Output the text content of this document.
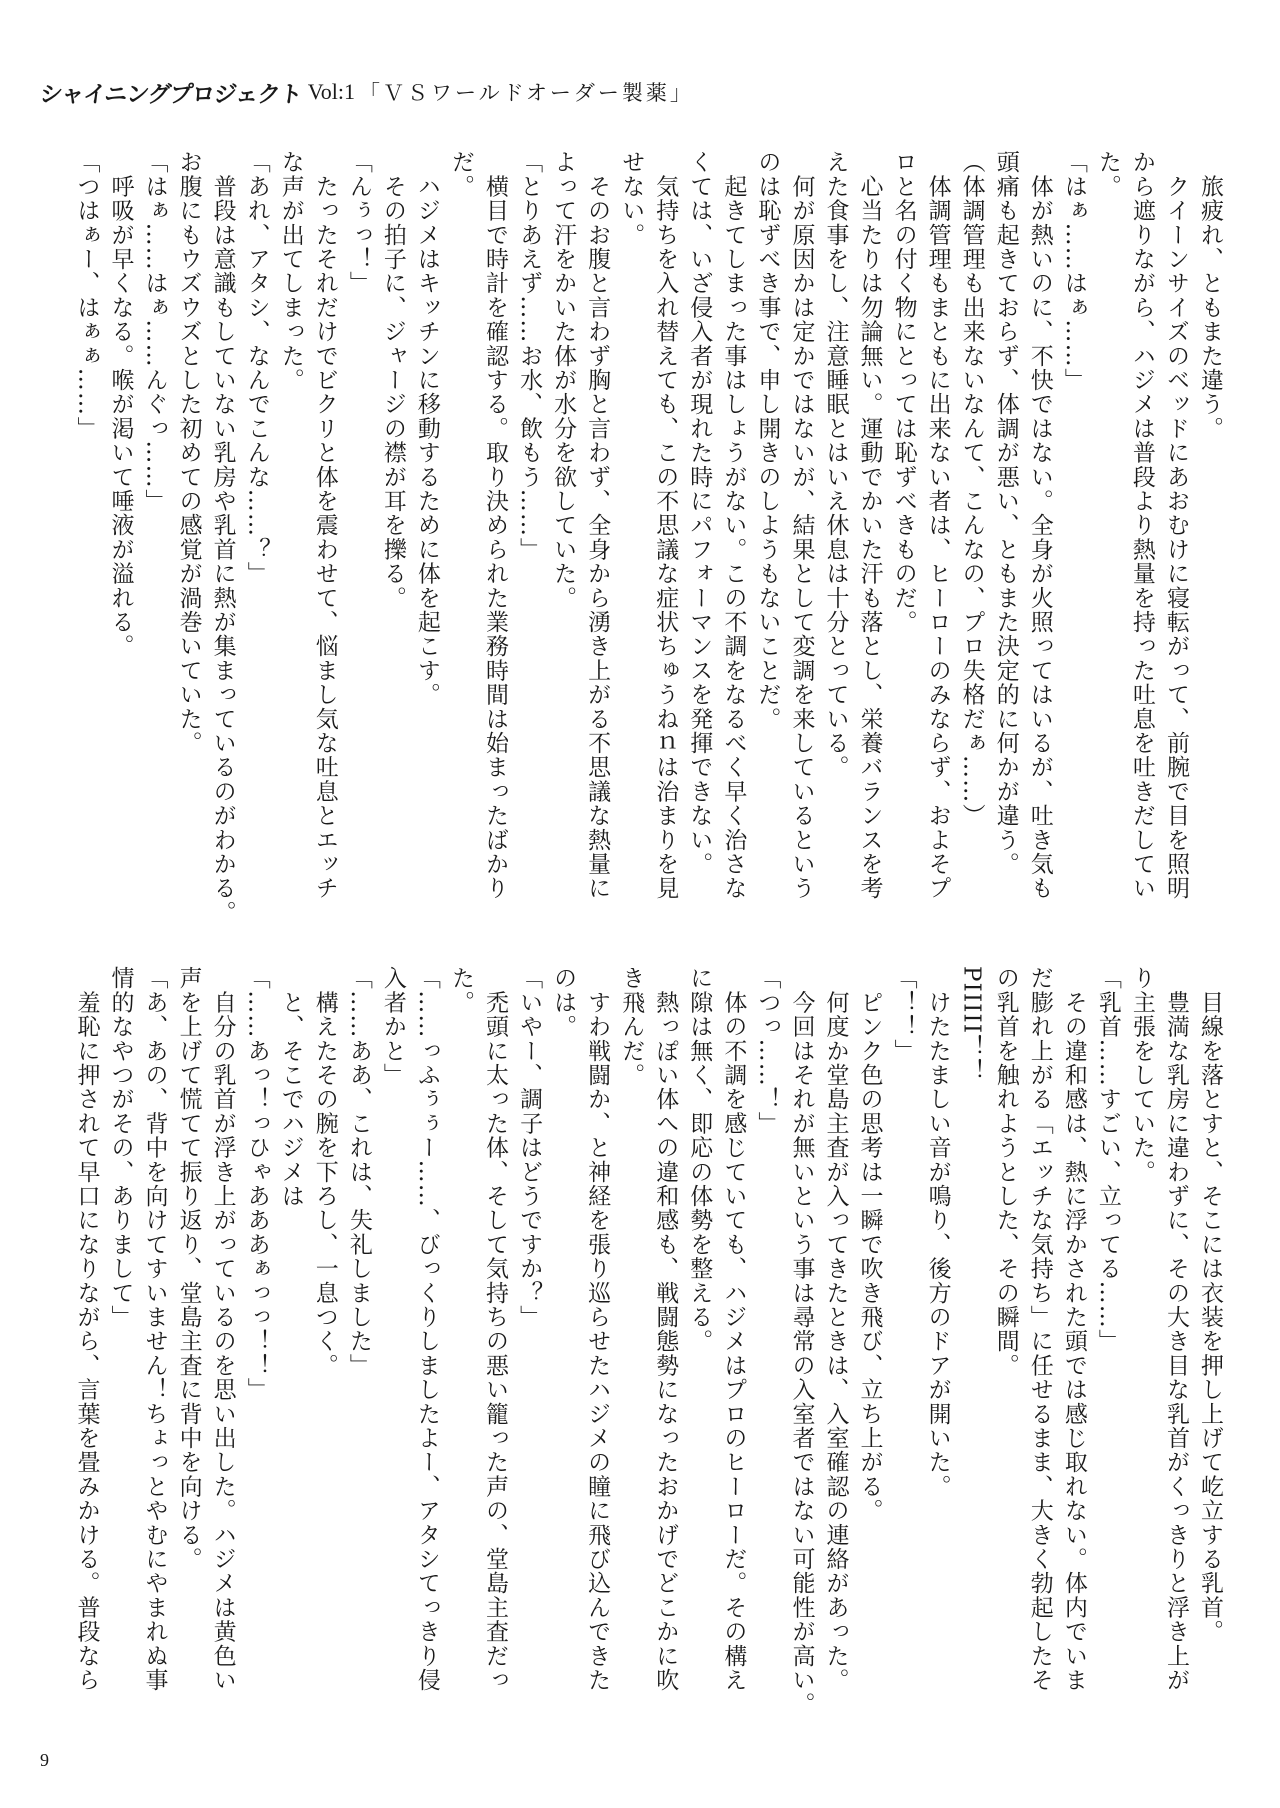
シャイニングプロジェクト Vol:1 「ＶＳワールドオーダー製薬」
　旅疲れ、ともまた違う。
　クイーンサイズのベッドにあおむけに寝転がって、前腕で目を照明
から遮りながら、ハジメは普段より熱量を持った吐息を吐きだしてい
た。
「はぁ……はぁ……」
　体が熱いのに、不快ではない。全身が火照ってはいるが、吐き気も
頭痛も起きておらず、体調が悪い、ともまた決定的に何かが違う。
（体調管理も出来ないなんて、こんなの、プロ失格だぁ……）
　体調管理もまともに出来ない者は、ヒーローのみならず、およそプ
ロと名の付く物にとっては恥ずべきものだ。
　心当たりは勿論無い。運動でかいた汗も落とし、栄養バランスを考
えた食事をし、注意睡眠とはいえ休息は十分とっている。
　何が原因かは定かではないが、結果として変調を来しているという
のは恥ずべき事で、申し開きのしようもないことだ。
　起きてしまった事はしょうがない。この不調をなるべく早く治さな
くては、いざ侵入者が現れた時にパフォーマンスを発揮できない。
　気持ちを入れ替えても、この不思議な症状ちゅうねｎは治まりを見
せない。
　そのお腹と言わず胸と言わず、全身から湧き上がる不思議な熱量に
よって汗をかいた体が水分を欲していた。
「とりあえず……お水、飲もう……」
　横目で時計を確認する。取り決められた業務時間は始まったばかり
だ。
　ハジメはキッチンに移動するために体を起こす。
　その拍子に、ジャージの襟が耳を擽る。
「んぅっ！」
　たったそれだけでビクリと体を震わせて、悩まし気な吐息とエッチ
な声が出てしまった。
「あれ、アタシ、なんでこんな……？」
　普段は意識もしていない乳房や乳首に熱が集まっているのがわかる。
お腹にもウズウズとした初めての感覚が渦巻いていた。
「はぁ……はぁ……んぐっ……」
　呼吸が早くなる。喉が渇いて唾液が溢れる。
「つはぁー、はぁぁ……」
　目線を落とすと、そこには衣装を押し上げて屹立する乳首。
　豊満な乳房に違わずに、その大き目な乳首がくっきりと浮き上が
り主張をしていた。
「乳首……すごい、立ってる……」
　その違和感は、熱に浮かされた頭では感じ取れない。体内でいま
だ膨れ上がる「エッチな気持ち」に任せるまま、大きく勃起したそ
の乳首を触れようとした、その瞬間。
PIIIII！！
　けたたましい音が鳴り、後方のドアが開いた。
「！！」
　ピンク色の思考は一瞬で吹き飛び、立ち上がる。
　何度か堂島主査が入ってきたときは、入室確認の連絡があった。
　今回はそれが無いという事は尋常の入室者ではない可能性が高い。
「つっ……！」
　体の不調を感じていても、ハジメはプロのヒーローだ。その構え
に隙は無く、即応の体勢を整える。
　熱っぽい体への違和感も、戦闘態勢になったおかげでどこかに吹
き飛んだ。
　すわ戦闘か、と神経を張り巡らせたハジメの瞳に飛び込んできた
のは。
「いやー、調子はどうですか？」
　禿頭に太った体、そして気持ちの悪い籠った声の、堂島主査だっ
た。
「……っふぅぅー……、びっくりしましたよー、アタシてっきり侵
入者かと」
「……ああ、これは、失礼しました」
　構えたその腕を下ろし、一息つく。
　と、そこでハジメは
「……あっ！っひゃあああぁっっ！！」
　自分の乳首が浮き上がっているのを思い出した。ハジメは黄色い
声を上げて慌てて振り返り、堂島主査に背中を向ける。
「あ、あの、背中を向けてすいません！ちょっとやむにやまれぬ事
情的なやつがその、ありまして」
　羞恥に押されて早口になりながら、言葉を畳みかける。普段なら
9
